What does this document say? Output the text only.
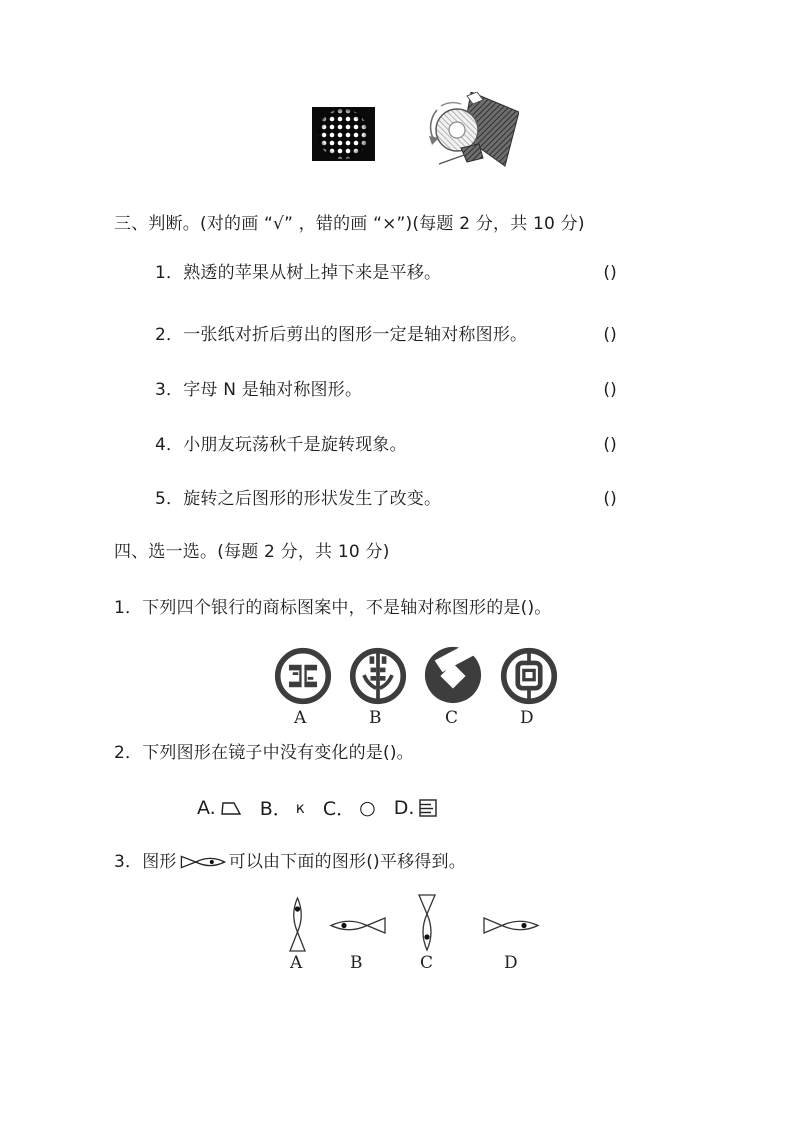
三、判断。(对的画 “√” ，错的画 “×”)(每题 2 分，共 10 分)
1．熟透的苹果从树上掉下来是平移。	()
2．一张纸对折后剪出的图形一定是轴对称图形。	()
3．字母 N 是轴对称图形。	()
4．小朋友玩荡秋千是旋转现象。	()
5．旋转之后图形的形状发生了改变。	()
四、选一选。(每题 2 分，共 10 分)
1．下列四个银行的商标图案中，不是轴对称图形的是()。
A	B	C	D
2．下列图形在镜子中没有变化的是()。
A. B． к C． ○ D.
3．图形	可以由下面的图形()平移得到。
A	B	C	D
